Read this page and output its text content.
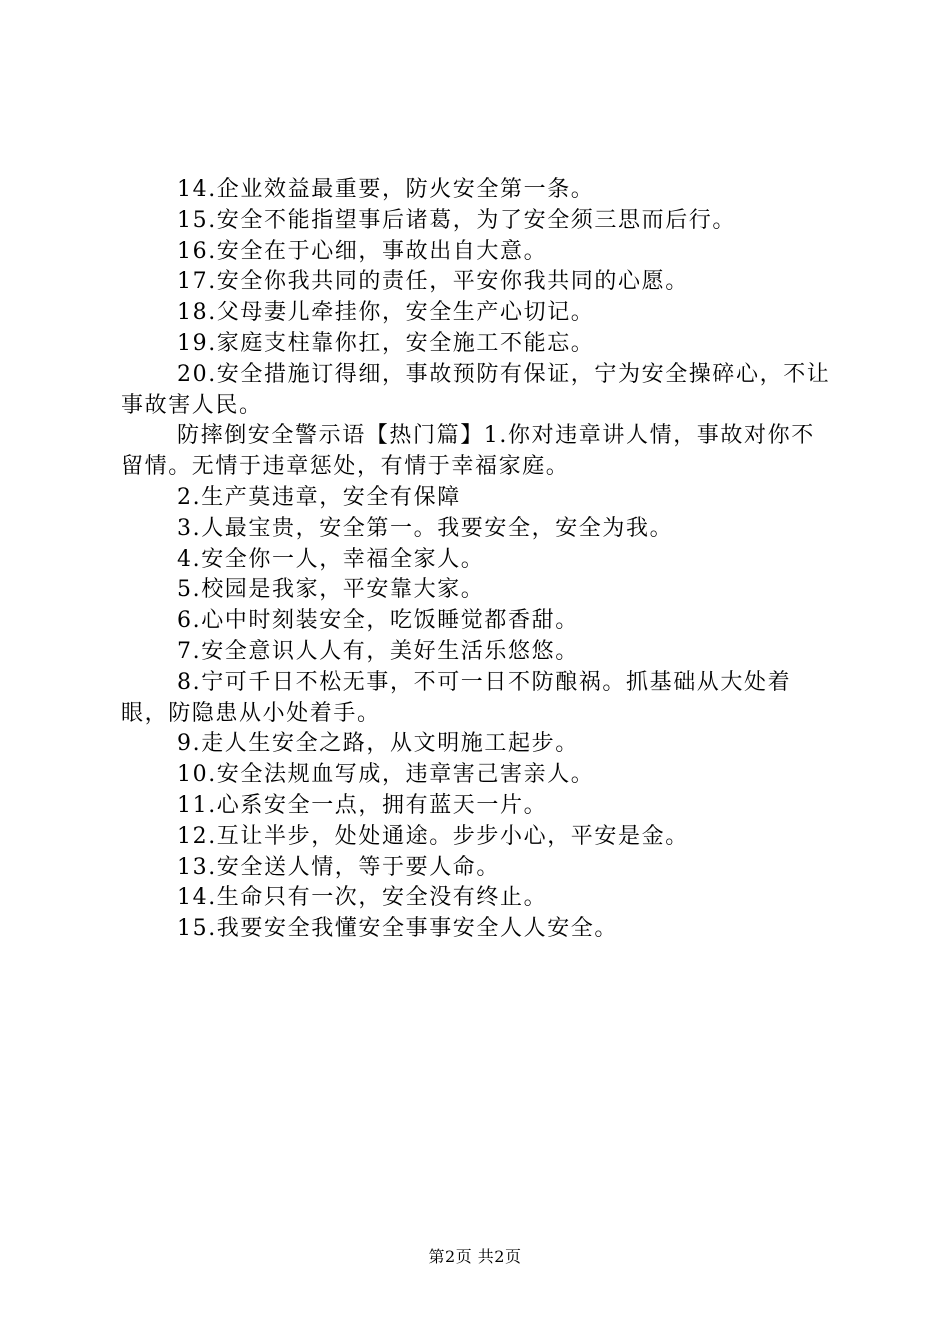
14.企业效益最重要，防火安全第一条。

15.安全不能指望事后诸葛，为了安全须三思而后行。

16.安全在于心细，事故出自大意。

17.安全你我共同的责任，平安你我共同的心愿。

18.父母妻儿牵挂你，安全生产心切记。

19.家庭支柱靠你扛，安全施工不能忘。

20.安全措施订得细，事故预防有保证，宁为安全操碎心，不让事故害人民。

防摔倒安全警示语【热门篇】1.你对违章讲人情，事故对你不留情。无情于违章惩处，有情于幸福家庭。

2.生产莫违章，安全有保障

3.人最宝贵，安全第一。我要安全，安全为我。

4.安全你一人，幸福全家人。

5.校园是我家，平安靠大家。

6.心中时刻装安全，吃饭睡觉都香甜。

7.安全意识人人有，美好生活乐悠悠。

8.宁可千日不松无事，不可一日不防酿祸。抓基础从大处着眼，防隐患从小处着手。

9.走人生安全之路，从文明施工起步。

10.安全法规血写成，违章害己害亲人。

11.心系安全一点，拥有蓝天一片。

12.互让半步，处处通途。步步小心，平安是金。

13.安全送人情，等于要人命。

14.生命只有一次，安全没有终止。

15.我要安全我懂安全事事安全人人安全。

第2页 共2页
